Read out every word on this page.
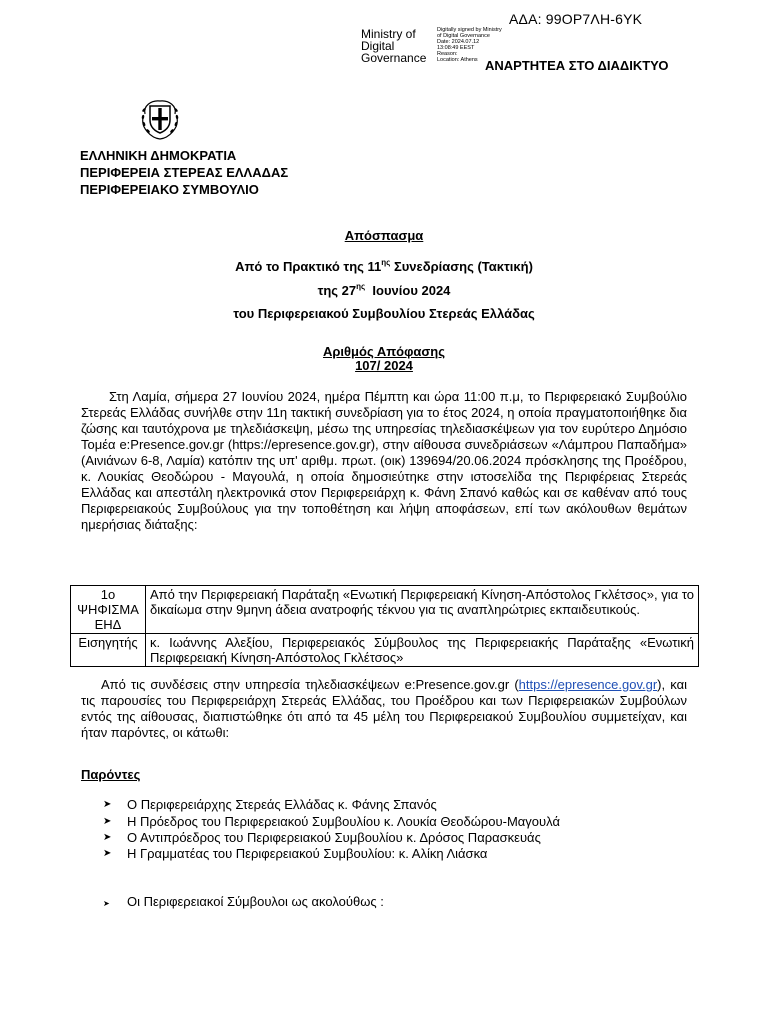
ΑΔΑ: 99ΟΡ7ΛΗ-6ΥΚ
Ministry of
Digital
Governance
Digitally signed by Ministry
of Digital Governance
Date: 2024.07.12
13:08:49 EEST
Reason:
Location: Athens ΑΝΑΡΤΗΤΕΑ ΣΤΟ ΔΙΑΔΙΚΤΥΟ
ΕΛΛΗΝΙΚΗ ΔΗΜΟΚΡΑΤΙΑ
ΠΕΡΙΦΕΡΕΙΑ ΣΤΕΡΕΑΣ ΕΛΛΑΔΑΣ
ΠΕΡΙΦΕΡΕΙΑΚΟ ΣΥΜΒΟΥΛΙΟ
Απόσπασμα
Από το Πρακτικό της $11^{\eta\varsigma}$ Συνεδρίασης (Τακτική)
της $27^{\eta\varsigma}$  Ιουνίου 2024
του Περιφερειακού Συμβουλίου Στερεάς Ελλάδας
Αριθμός Απόφασης
107/ 2024
Στη Λαμία, σήμερα 27 Ιουνίου 2024, ημέρα Πέμπτη και ώρα 11:00 π.μ, το Περιφερειακό Συμβούλιο Στερεάς Ελλάδας συνήλθε στην 11η τακτική συνεδρίαση για το έτος 2024, η οποία πραγματοποιήθηκε δια ζώσης και ταυτόχρονα με τηλεδιάσκεψη, μέσω της υπηρεσίας τηλεδιασκέψεων για τον ευρύτερο Δημόσιο Τομέα e:Presence.gov.gr (https://epresence.gov.gr), στην αίθουσα συνεδριάσεων «Λάμπρου Παπαδήμα» (Αινιάνων 6-8, Λαμία) κατόπιν της υπ' αριθμ. πρωτ. (οικ) 139694/20.06.2024 πρόσκλησης της Προέδρου, κ. Λουκίας Θεοδώρου - Μαγουλά, η οποία δημοσιεύτηκε στην ιστοσελίδα της Περιφέρειας Στερεάς Ελλάδας και απεστάλη ηλεκτρονικά στον Περιφερειάρχη κ. Φάνη Σπανό καθώς και σε καθέναν από τους Περιφερειακούς Συμβούλους για την τοποθέτηση και λήψη αποφάσεων, επί των ακόλουθων θεμάτων ημερήσιας διάταξης:
1ο
ΨΗΦΙΣΜΑ
ΕΗΔ	Από την Περιφερειακή Παράταξη «Ενωτική Περιφερειακή Κίνηση-Απόστολος Γκλέτσος», για το δικαίωμα στην 9μηνη άδεια ανατροφής τέκνου για τις αναπληρώτριες εκπαιδευτικούς.
Εισηγητής	κ. Ιωάννης Αλεξίου, Περιφερειακός Σύμβουλος της Περιφερειακής Παράταξης «Ενωτική Περιφερειακή Κίνηση-Απόστολος Γκλέτσος»
Από τις συνδέσεις στην υπηρεσία τηλεδιασκέψεων e:Presence.gov.gr (https://epresence.gov.gr), και τις παρουσίες του Περιφερειάρχη Στερεάς Ελλάδας, του Προέδρου και των Περιφερειακών Συμβούλων εντός της αίθουσας, διαπιστώθηκε ότι από τα 45 μέλη του Περιφερειακού Συμβουλίου συμμετείχαν, και ήταν παρόντες, οι κάτωθι:
Παρόντες
➤	Ο Περιφερειάρχης Στερεάς Ελλάδας κ. Φάνης Σπανός
➤	Η Πρόεδρος του Περιφερειακού Συμβουλίου κ. Λουκία Θεοδώρου-Μαγουλά
➤	Ο Αντιπρόεδρος του Περιφερειακού Συμβουλίου κ. Δρόσος Παρασκευάς
➤	Η Γραμματέας του Περιφερειακού Συμβουλίου: κ. Αλίκη Λιάσκα
➤ Οι Περιφερειακοί Σύμβουλοι ως ακολούθως :
